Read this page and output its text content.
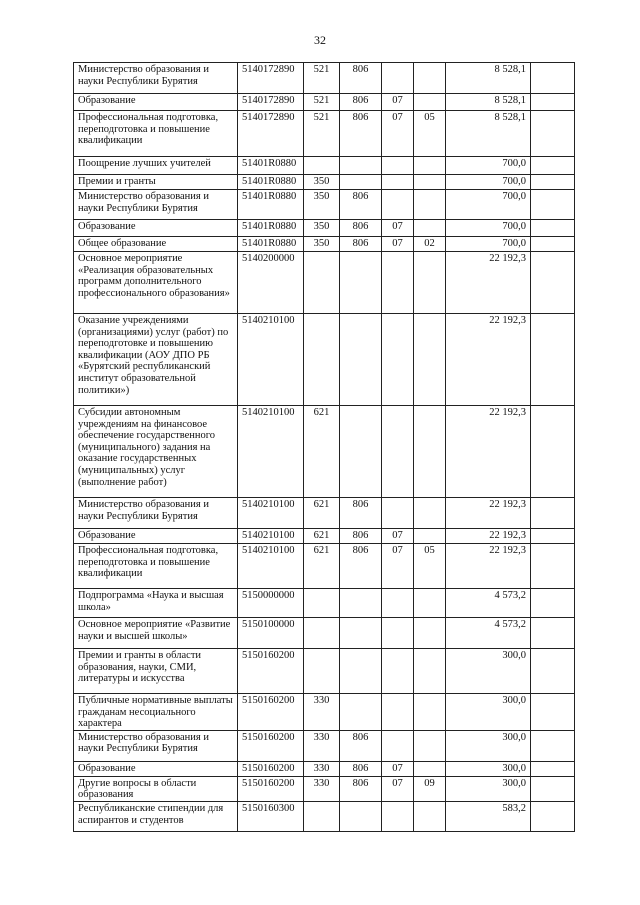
32
Министерство образования и науки Республики Бурятия	5140172890	521	806			8 528,1	
Образование	5140172890	521	806	07		8 528,1	
Профессиональная подготовка, переподготовка и повышение квалификации	5140172890	521	806	07	05	8 528,1	
Поощрение лучших учителей	51401R0880					700,0	
Премии и гранты	51401R0880	350				700,0	
Министерство образования и науки Республики Бурятия	51401R0880	350	806			700,0	
Образование	51401R0880	350	806	07		700,0	
Общее образование	51401R0880	350	806	07	02	700,0	
Основное мероприятие «Реализация образовательных программ дополнительного профессионального образования»	5140200000					22 192,3	
Оказание учреждениями (организациями) услуг (работ) по переподготовке и повышению квалификации (АОУ ДПО РБ «Бурятский республиканский институт образовательной политики»)	5140210100					22 192,3	
Субсидии автономным учреждениям на финансовое обеспечение государственного (муниципального) задания на оказание государственных (муниципальных) услуг (выполнение работ)	5140210100	621				22 192,3	
Министерство образования и науки Республики Бурятия	5140210100	621	806			22 192,3	
Образование	5140210100	621	806	07		22 192,3	
Профессиональная подготовка, переподготовка и повышение квалификации	5140210100	621	806	07	05	22 192,3	
Подпрограмма «Наука и высшая школа»	5150000000					4 573,2	
Основное мероприятие «Развитие науки и высшей школы»	5150100000					4 573,2	
Премии и гранты в области образования, науки, СМИ, литературы и искусства	5150160200					300,0	
Публичные нормативные выплаты гражданам несоциального характера	5150160200	330				300,0	
Министерство образования и науки Республики Бурятия	5150160200	330	806			300,0	
Образование	5150160200	330	806	07		300,0	
Другие вопросы в области образования	5150160200	330	806	07	09	300,0	
Республиканские стипендии для аспирантов и студентов	5150160300					583,2	
